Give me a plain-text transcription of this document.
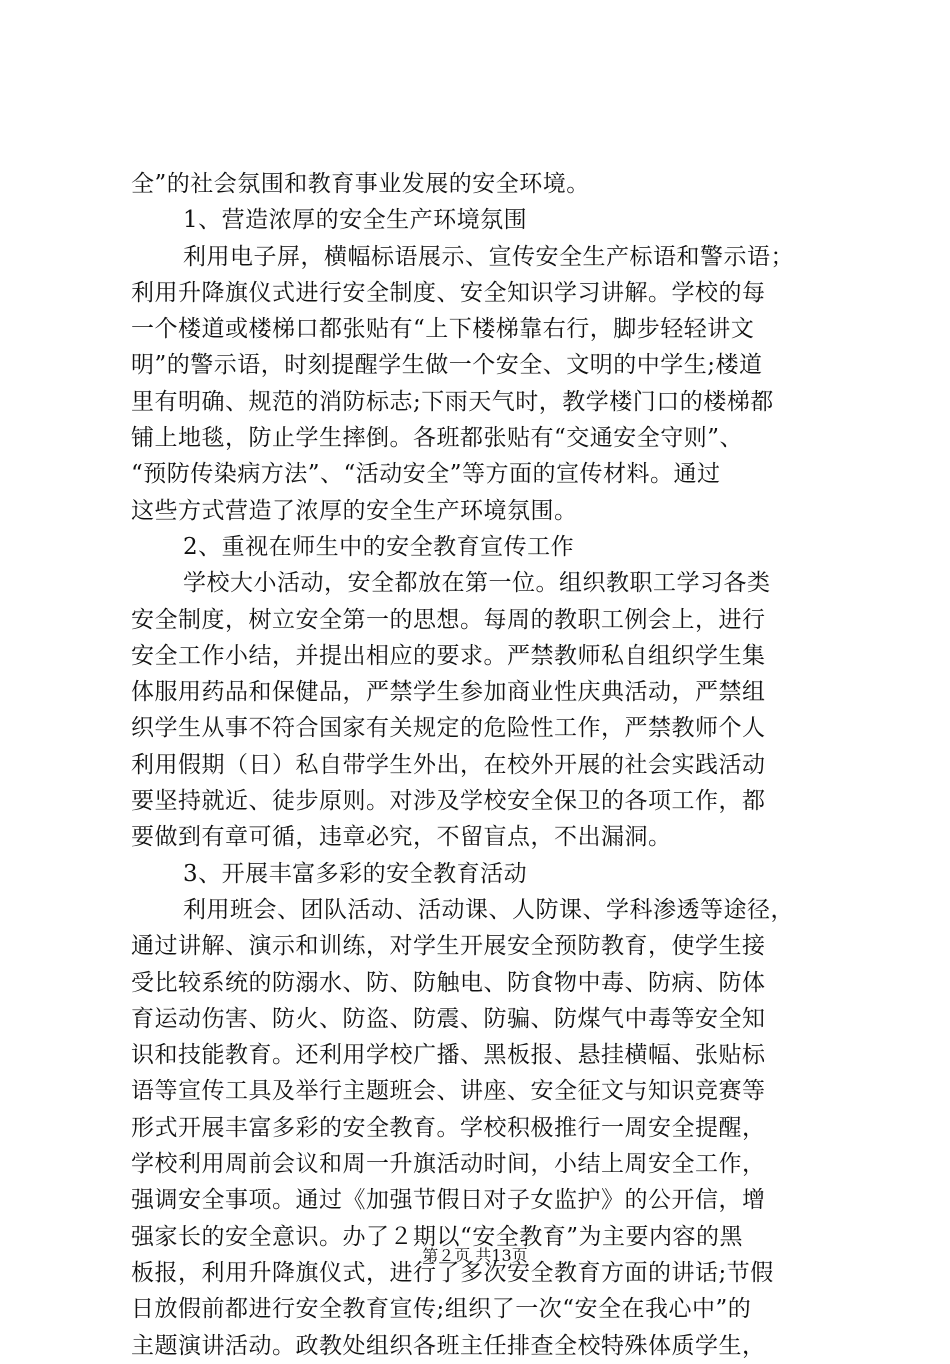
全”的社会氛围和教育事业发展的安全环境。
1、营造浓厚的安全生产环境氛围
利用电子屏，横幅标语展示、宣传安全生产标语和警示语；
利用升降旗仪式进行安全制度、安全知识学习讲解。学校的每
一个楼道或楼梯口都张贴有“上下楼梯靠右行，脚步轻轻讲文
明”的警示语，时刻提醒学生做一个安全、文明的中学生;楼道
里有明确、规范的消防标志;下雨天气时，教学楼门口的楼梯都
铺上地毯，防止学生摔倒。各班都张贴有“交通安全守则”、
“预防传染病方法”、“活动安全”等方面的宣传材料。通过
这些方式营造了浓厚的安全生产环境氛围。
2、重视在师生中的安全教育宣传工作
学校大小活动，安全都放在第一位。组织教职工学习各类
安全制度，树立安全第一的思想。每周的教职工例会上，进行
安全工作小结，并提出相应的要求。严禁教师私自组织学生集
体服用药品和保健品，严禁学生参加商业性庆典活动，严禁组
织学生从事不符合国家有关规定的危险性工作，严禁教师个人
利用假期（日）私自带学生外出，在校外开展的社会实践活动
要坚持就近、徒步原则。对涉及学校安全保卫的各项工作，都
要做到有章可循，违章必究，不留盲点，不出漏洞。
3、开展丰富多彩的安全教育活动
利用班会、团队活动、活动课、人防课、学科渗透等途径，
通过讲解、演示和训练，对学生开展安全预防教育，使学生接
受比较系统的防溺水、防、防触电、防食物中毒、防病、防体
育运动伤害、防火、防盗、防震、防骗、防煤气中毒等安全知
识和技能教育。还利用学校广播、黑板报、悬挂横幅、张贴标
语等宣传工具及举行主题班会、讲座、安全征文与知识竞赛等
形式开展丰富多彩的安全教育。学校积极推行一周安全提醒，
学校利用周前会议和周一升旗活动时间，小结上周安全工作，
强调安全事项。通过《加强节假日对子女监护》的公开信，增
强家长的安全意识。办了２期以“安全教育”为主要内容的黑
板报，利用升降旗仪式，进行了多次安全教育方面的讲话;节假
日放假前都进行安全教育宣传;组织了一次“安全在我心中”的
主题演讲活动。政教处组织各班主任排查全校特殊体质学生，
第２页 共13页
